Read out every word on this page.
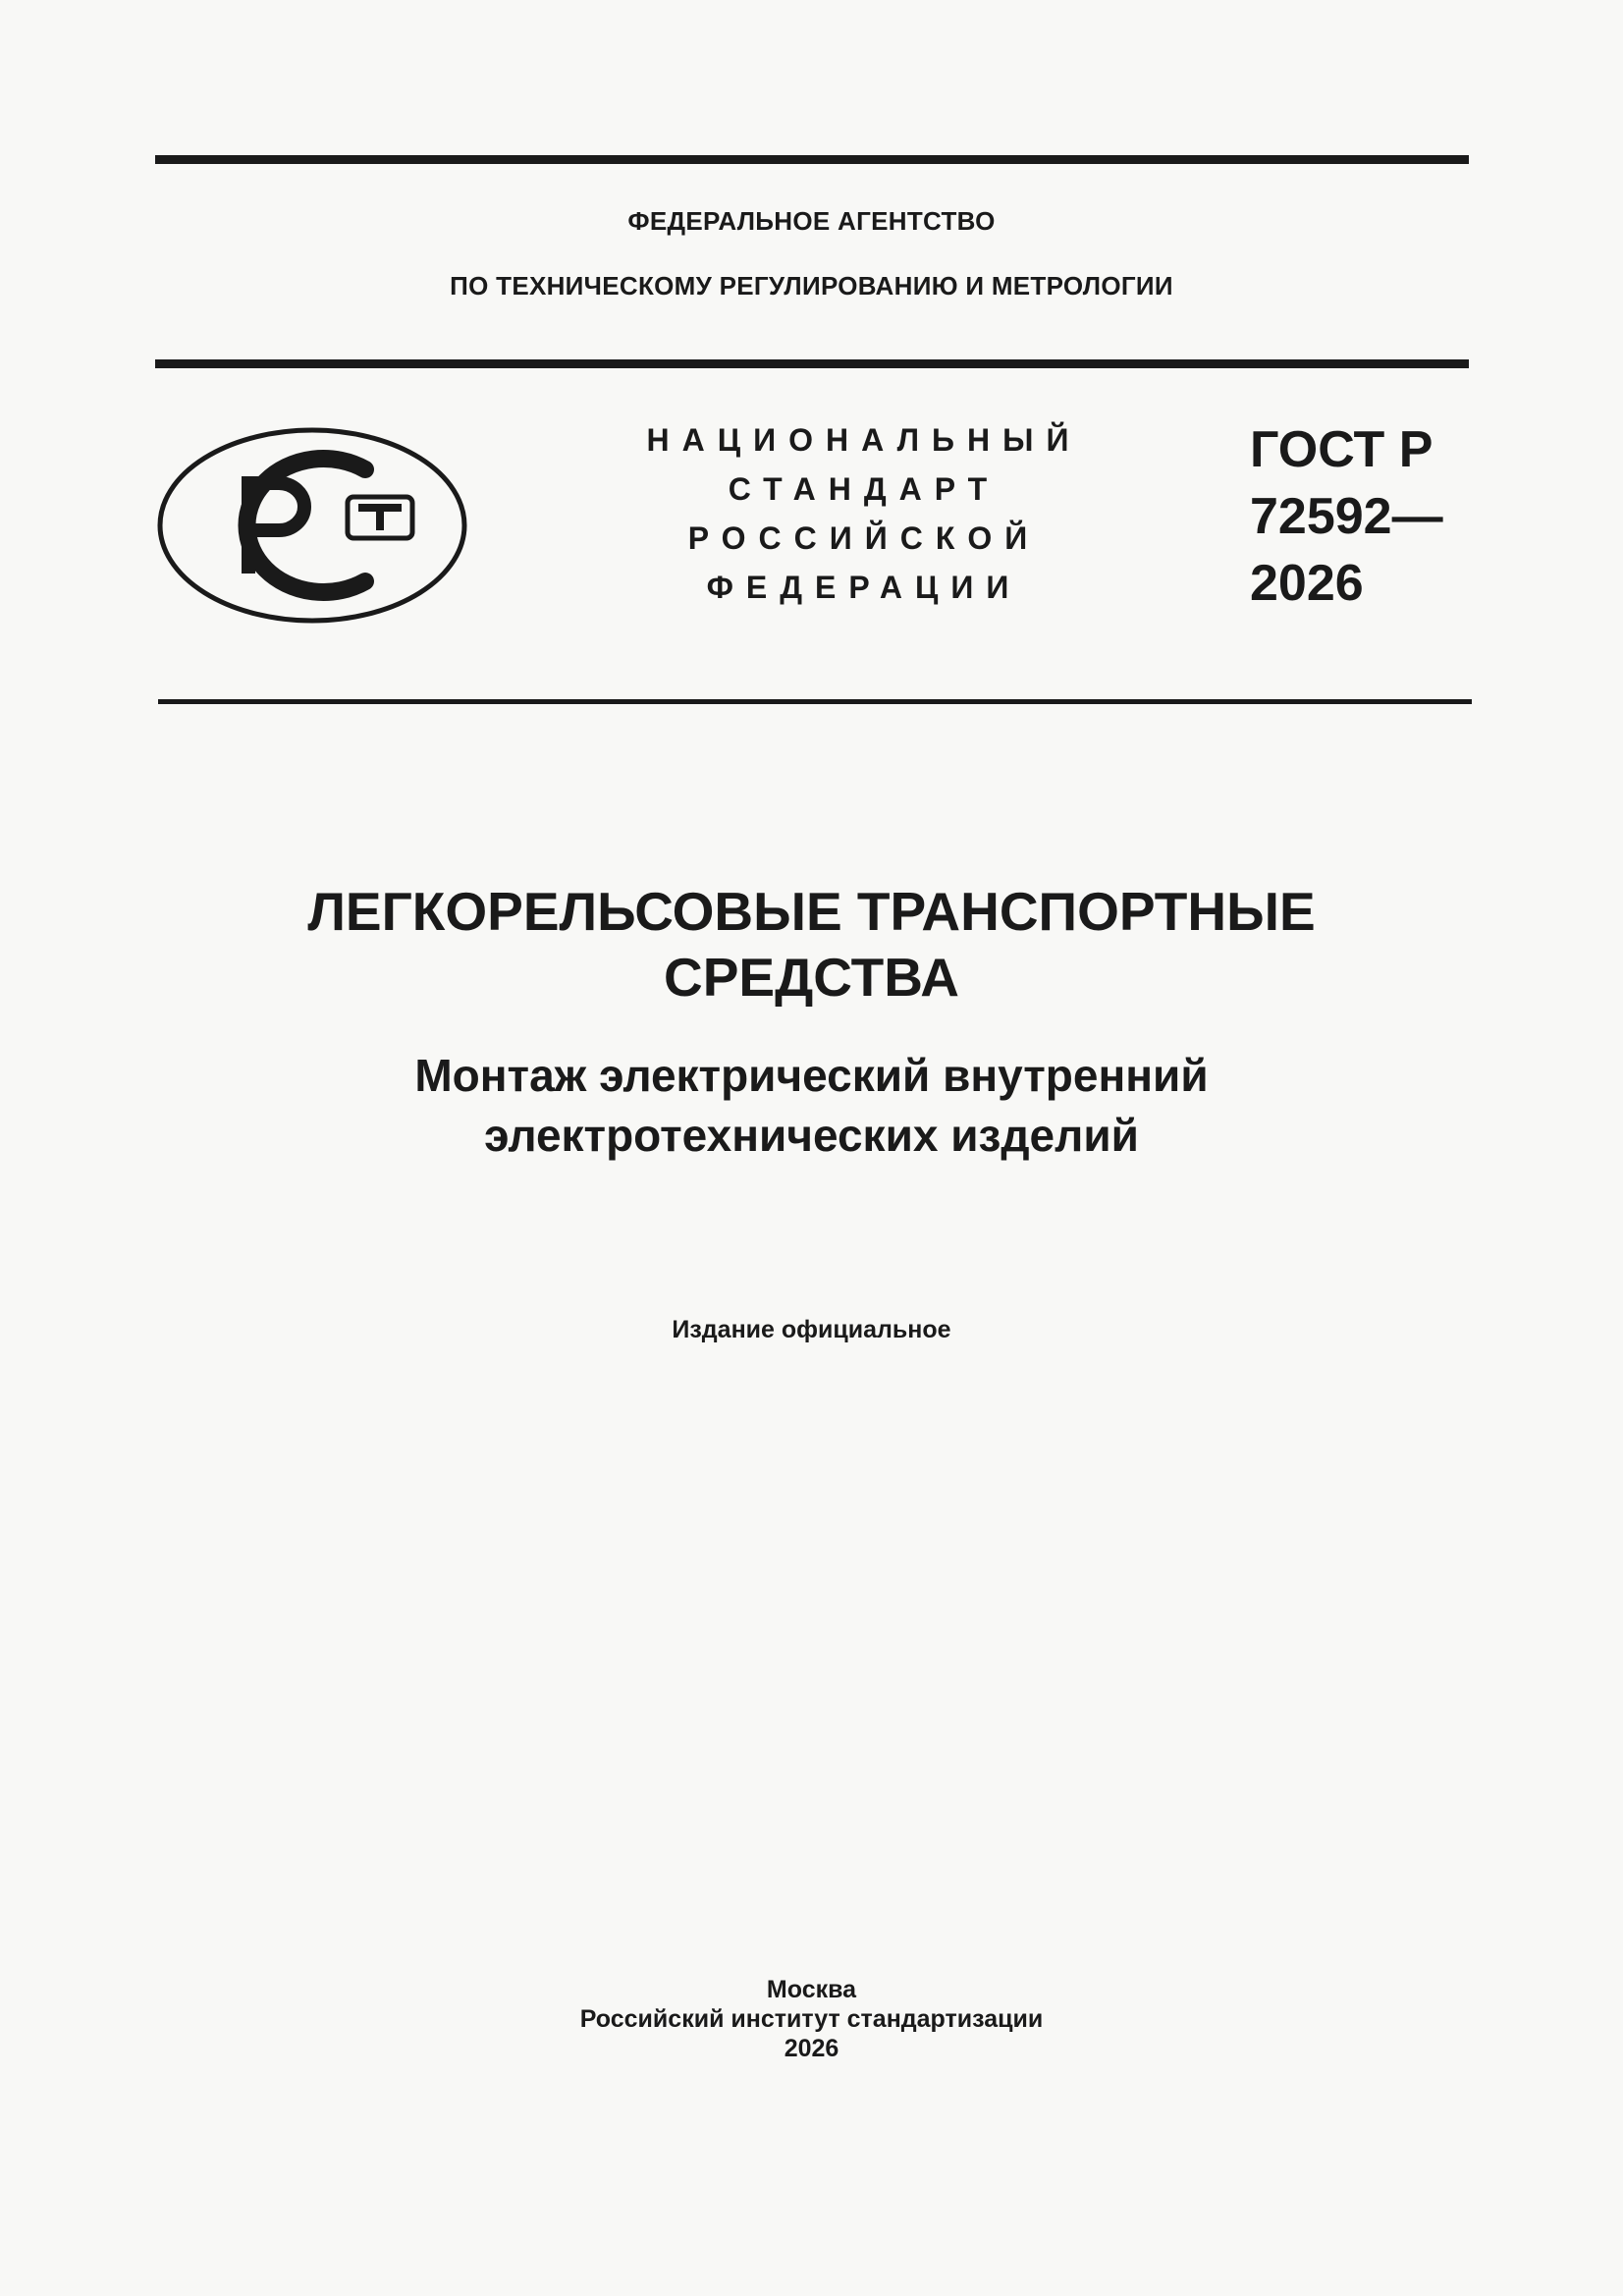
ФЕДЕРАЛЬНОЕ АГЕНТСТВО
ПО ТЕХНИЧЕСКОМУ РЕГУЛИРОВАНИЮ И МЕТРОЛОГИИ
НАЦИОНАЛЬНЫЙ
СТАНДАРТ
РОССИЙСКОЙ
ФЕДЕРАЦИИ
ГОСТ Р
72592—
2026
ЛЕГКОРЕЛЬСОВЫЕ ТРАНСПОРТНЫЕ
СРЕДСТВА
Монтаж электрический внутренний
электротехнических изделий
Издание официальное
Москва
Российский институт стандартизации
2026
